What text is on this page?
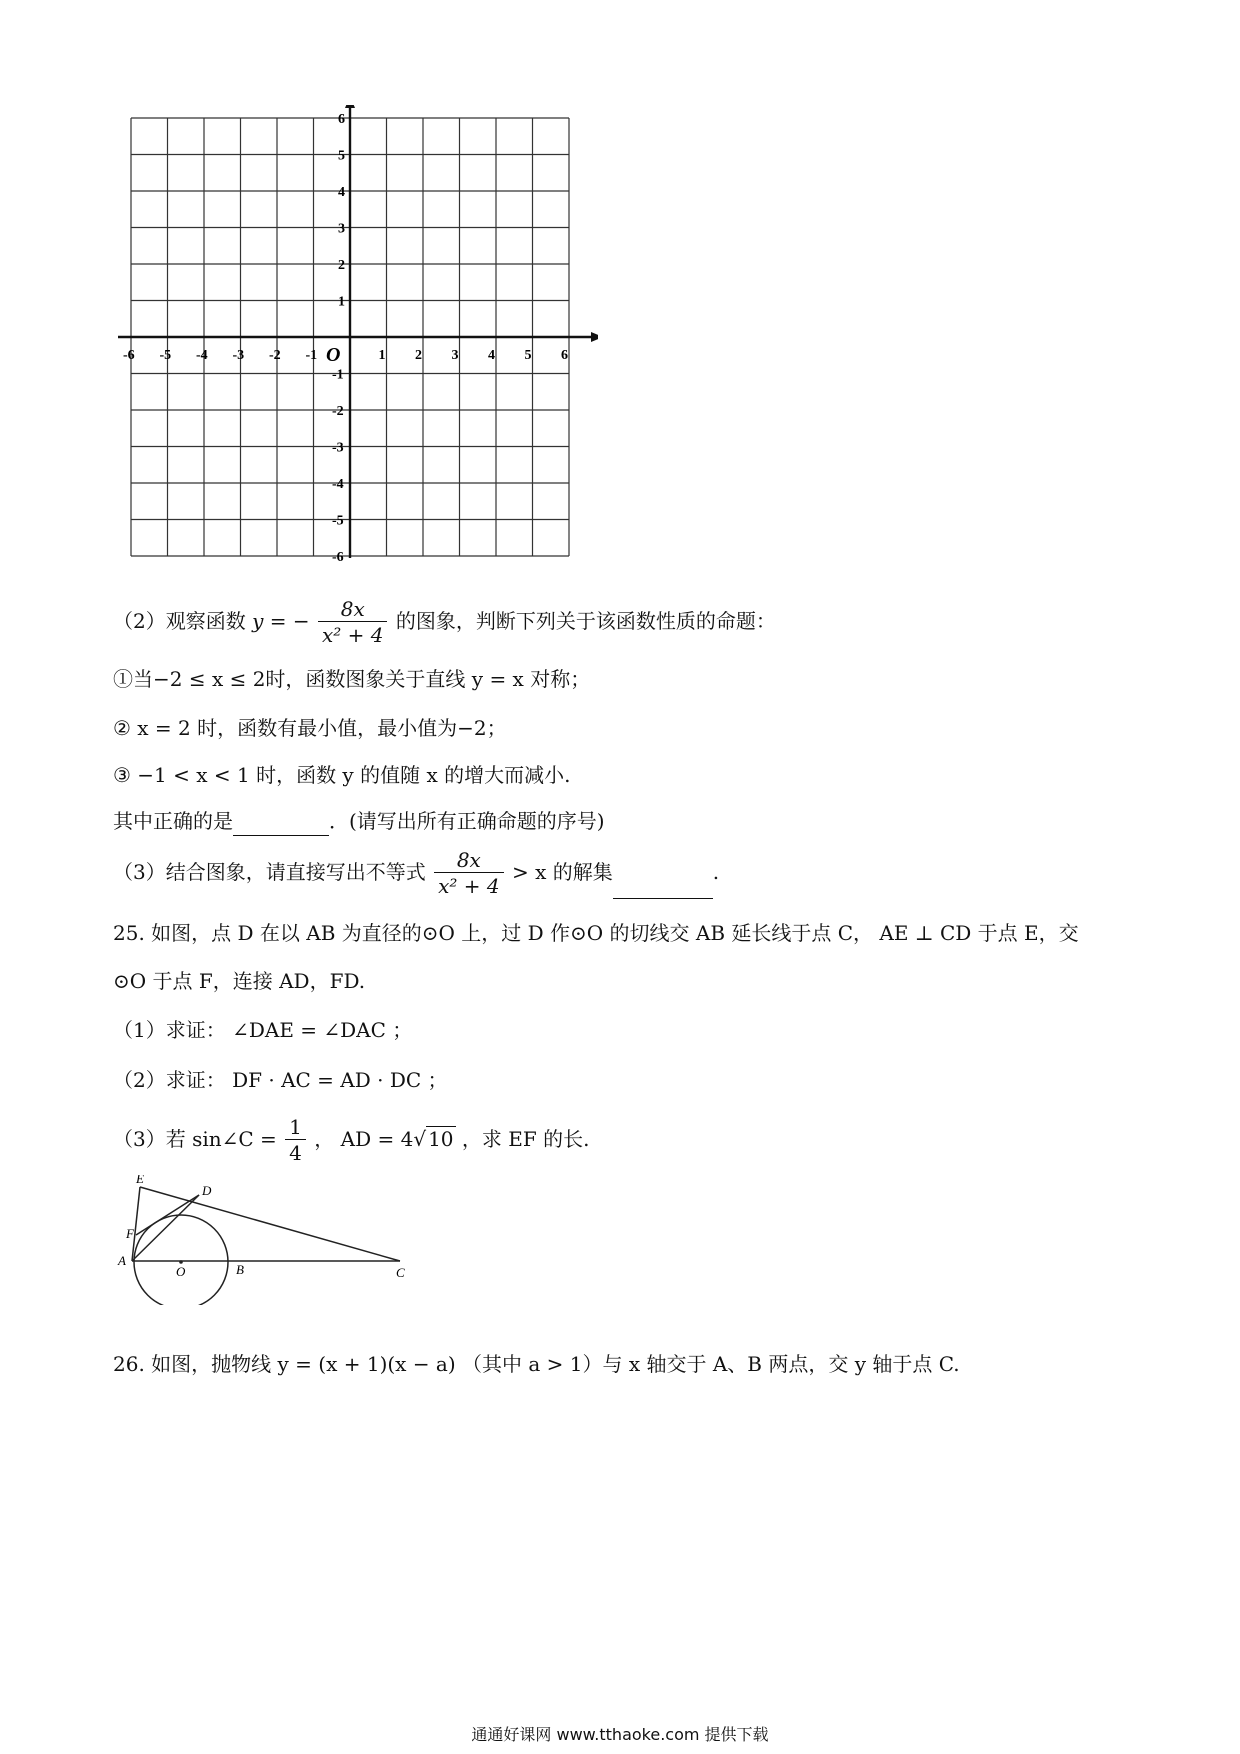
-6 -5 -4 -3 -2 -1	1 2 3 4 5 6
6
5
4
3
2
1
-1
-2
-3
-4
-5
-6
O
（2）观察函数 y = − $\frac{8x}{\text{x² + 4}}$ 的图象，判断下列关于该函数性质的命题：
①当−2 ≤ x ≤ 2时，函数图象关于直线 y = x 对称；
② x = 2 时，函数有最小值，最小值为−2；
③ −1 < x < 1 时，函数 y 的值随 x 的增大而减小.
其中正确的是	．(请写出所有正确命题的序号)
（3）结合图象，请直接写出不等式 $\frac{8x}{\text{x² + 4}} > x$ 的解集	.
25. 如图，点 D 在以 AB 为直径的⊙O 上，过 D 作⊙O 的切线交 AB 延长线于点 C， AE ⊥ CD 于点 E，交
⊙O 于点 F，连接 AD，FD.
（1）求证： ∠DAE = ∠DAC ；
（2）求证： DF · AC = AD · DC ；
（3）若 sin∠C = $\frac{1}{4}$ ， AD = 4√ 10 ，求 EF 的长.
E
D
F
A
O	B	C
26. 如图，抛物线 y = (x + 1)(x − a) （其中 a > 1）与 x 轴交于 A、B 两点，交 y 轴于点 C.
通通好课网 www.tthaoke.com 提供下载
